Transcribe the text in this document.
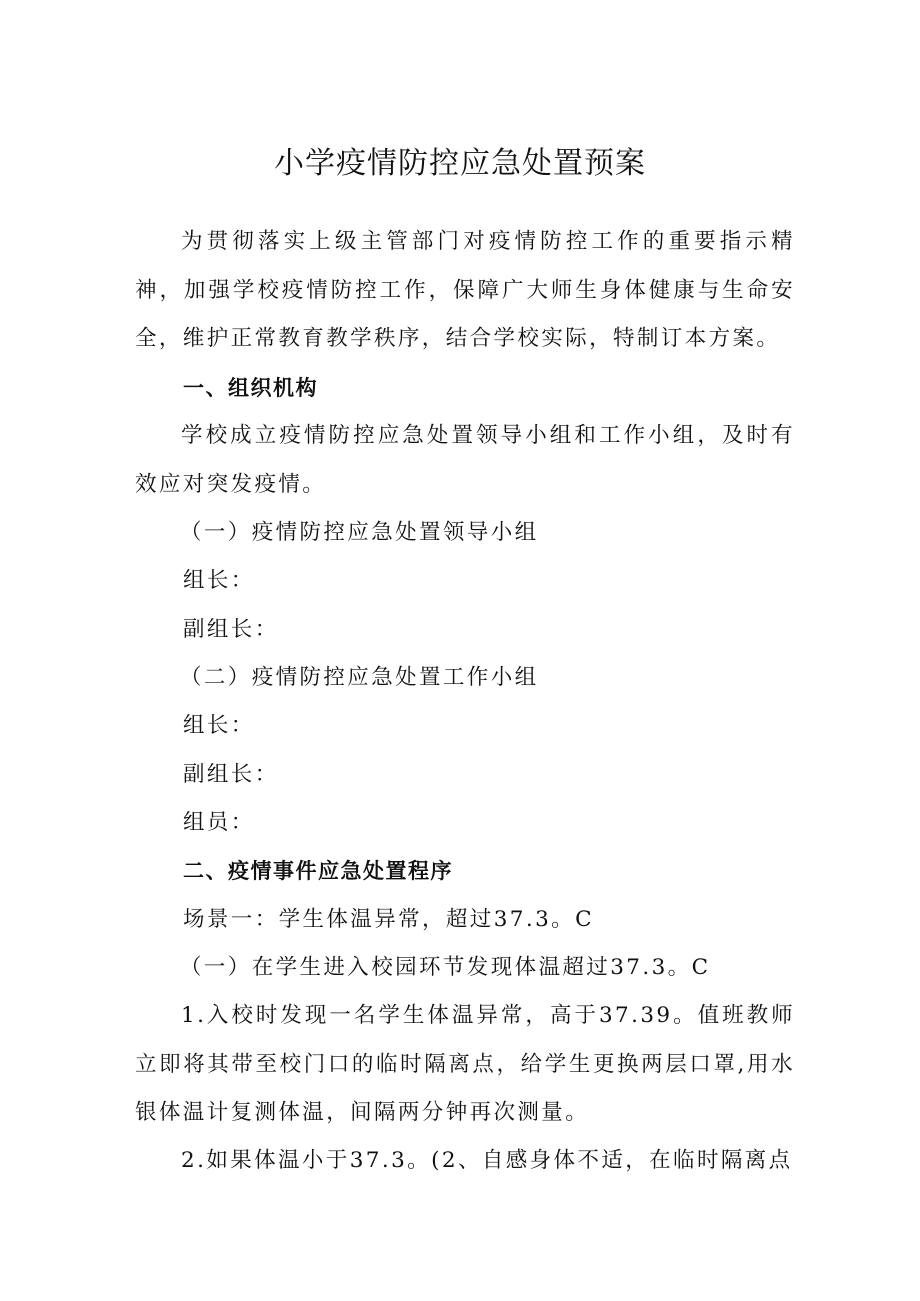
小学疫情防控应急处置预案

为贯彻落实上级主管部门对疫情防控工作的重要指示精神，加强学校疫情防控工作，保障广大师生身体健康与生命安全，维护正常教育教学秩序，结合学校实际，特制订本方案。

一、组织机构

学校成立疫情防控应急处置领导小组和工作小组，及时有效应对突发疫情。

（一）疫情防控应急处置领导小组

组长：

副组长：

（二）疫情防控应急处置工作小组

组长：

副组长：

组员：

二、疫情事件应急处置程序

场景一：学生体温异常，超过37.3。C

（一）在学生进入校园环节发现体温超过37.3。C

1.入校时发现一名学生体温异常，高于37.39。值班教师立即将其带至校门口的临时隔离点，给学生更换两层口罩,用水银体温计复测体温，间隔两分钟再次测量。

2.如果体温小于37.3。(2、自感身体不适，在临时隔离点
